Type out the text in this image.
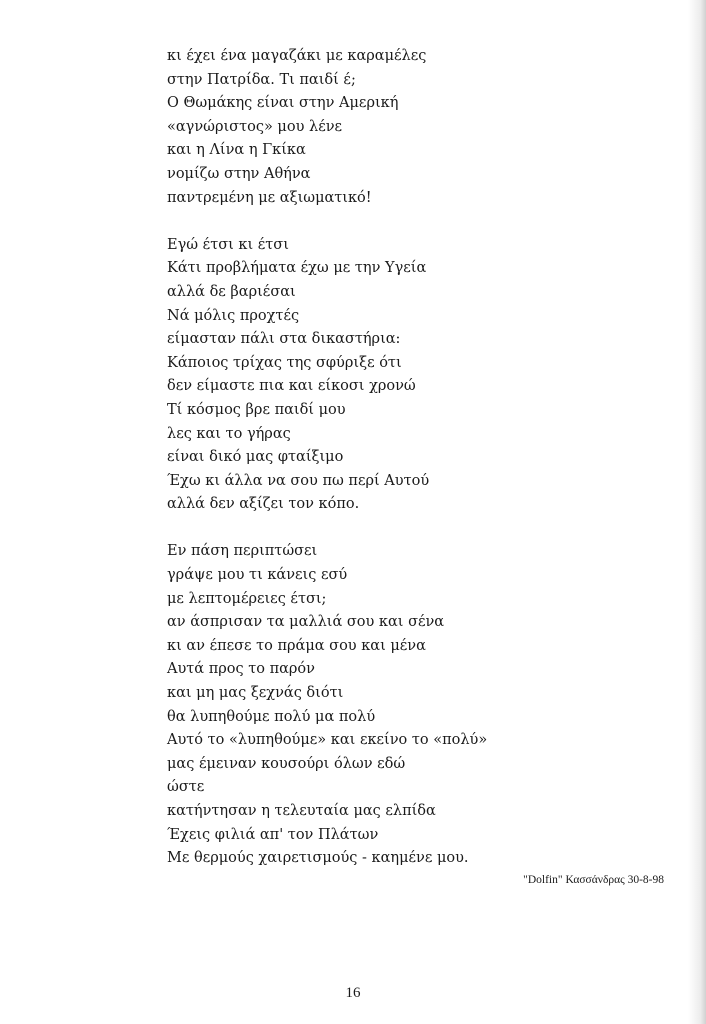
κι έχει ένα μαγαζάκι με καραμέλες
στην Πατρίδα. Τι παιδί έ;
Ο Θωμάκης είναι στην Αμερική
«αγνώριστος» μου λένε
και η Λίνα η Γκίκα
νομίζω στην Αθήνα
παντρεμένη με αξιωματικό!
Εγώ έτσι κι έτσι
Κάτι προβλήματα έχω με την Υγεία
αλλά δε βαριέσαι
Νά μόλις προχτές
είμασταν πάλι στα δικαστήρια:
Κάποιος τρίχας της σφύριξε ότι
δεν είμαστε πια και είκοσι χρονώ
Τί κόσμος βρε παιδί μου
λες και το γήρας
είναι δικό μας φταίξιμο
Έχω κι άλλα να σου πω περί Αυτού
αλλά δεν αξίζει τον κόπο.
Εν πάση περιπτώσει
γράψε μου τι κάνεις εσύ
με λεπτομέρειες έτσι;
αν άσπρισαν τα μαλλιά σου και σένα
κι αν έπεσε το πράμα σου και μένα
Αυτά προς το παρόν
και μη μας ξεχνάς διότι
θα λυπηθούμε πολύ μα πολύ
Αυτό το «λυπηθούμε» και εκείνο το «πολύ»
μας έμειναν κουσούρι όλων εδώ
ώστε
κατήντησαν η τελευταία μας ελπίδα
Έχεις φιλιά απ' τον Πλάτων
Με θερμούς χαιρετισμούς - καημένε μου.
"Dolfin" Κασσάνδρας 30-8-98
16
